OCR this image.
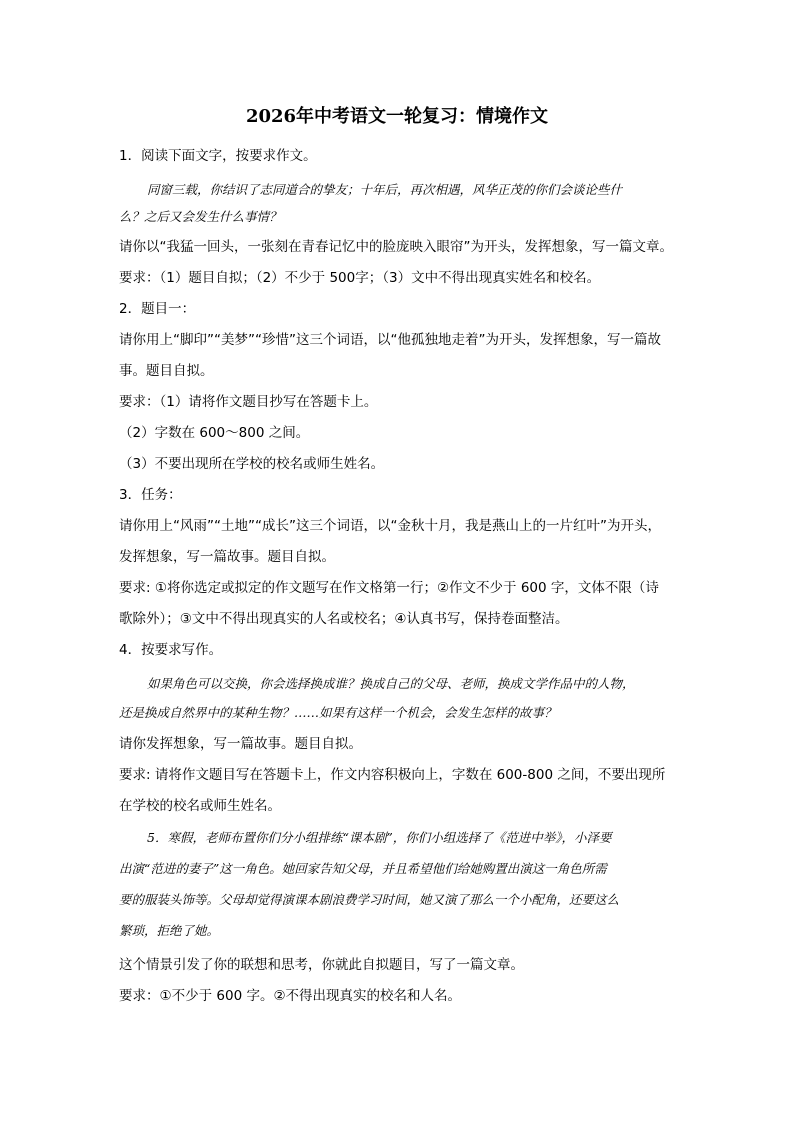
2026年中考语文一轮复习：情境作文
1．阅读下面文字，按要求作文。
同窗三载，你结识了志同道合的挚友；十年后，再次相遇，风华正茂的你们会谈论些什
么？之后又会发生什么事情？
请你以“我猛一回头，一张刻在青春记忆中的脸庞映入眼帘”为开头，发挥想象，写一篇文章。
要求：（1）题目自拟；（2）不少于 500字；（3）文中不得出现真实姓名和校名。
2．题目一：
请你用上“脚印”“美梦”“珍惜”这三个词语，以“他孤独地走着”为开头，发挥想象，写一篇故
事。题目自拟。
要求：（1）请将作文题目抄写在答题卡上。
（2）字数在 600～800 之间。
（3）不要出现所在学校的校名或师生姓名。
3．任务：
请你用上“风雨”“土地”“成长”这三个词语，以“金秋十月，我是燕山上的一片红叶”为开头，
发挥想象，写一篇故事。题目自拟。
要求: ①将你选定或拟定的作文题写在作文格第一行；②作文不少于 600 字，文体不限（诗
歌除外）；③文中不得出现真实的人名或校名；④认真书写，保持卷面整洁。
4．按要求写作。
如果角色可以交换，你会选择换成谁？换成自己的父母、老师，换成文学作品中的人物，
还是换成自然界中的某种生物？……如果有这样一个机会，会发生怎样的故事？
请你发挥想象，写一篇故事。题目自拟。
要求: 请将作文题目写在答题卡上，作文内容积极向上，字数在 600-800 之间，不要出现所
在学校的校名或师生姓名。
5．寒假，老师布置你们分小组排练“课本剧”，你们小组选择了《范进中举》，小泽要
出演“范进的妻子”这一角色。她回家告知父母，并且希望他们给她购置出演这一角色所需
要的服装头饰等。父母却觉得演课本剧浪费学习时间，她又演了那么一个小配角，还要这么
繁琐，拒绝了她。
这个情景引发了你的联想和思考，你就此自拟题目，写了一篇文章。
要求：①不少于 600 字。②不得出现真实的校名和人名。
